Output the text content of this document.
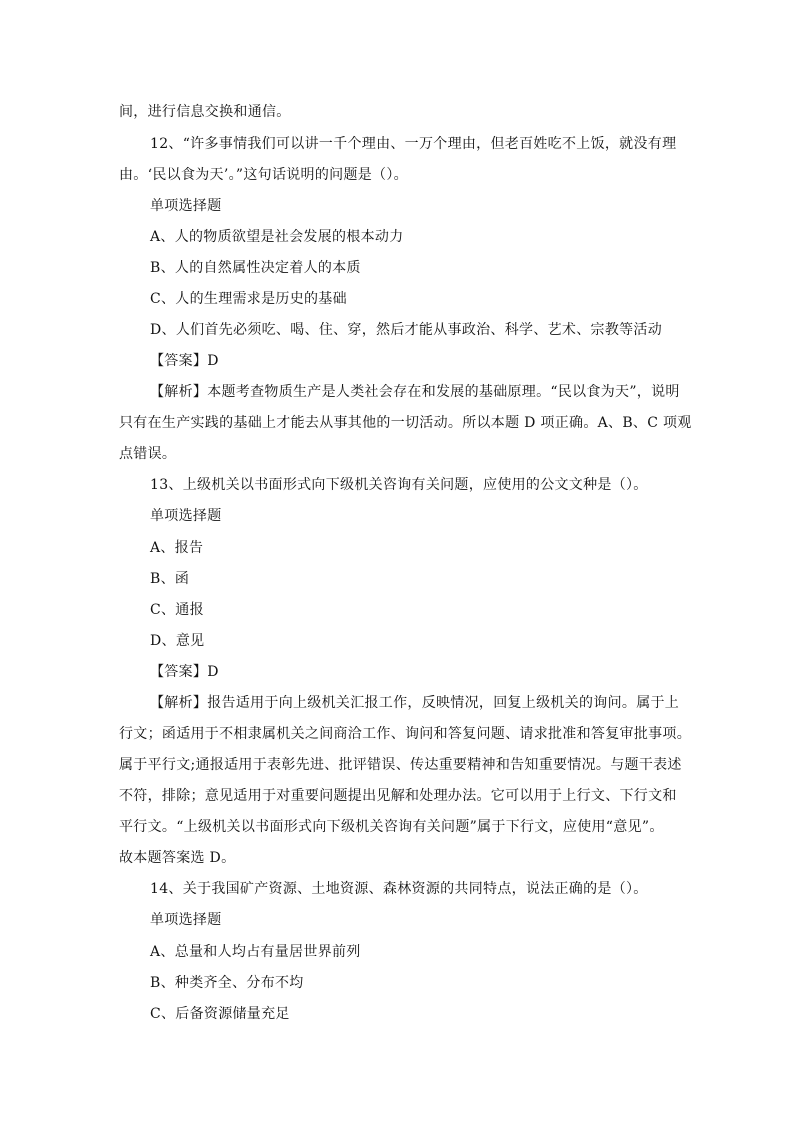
间，进行信息交换和通信。
12、“许多事情我们可以讲一千个理由、一万个理由，但老百姓吃不上饭，就没有理
由。‘民以食为天’。”这句话说明的问题是（）。
单项选择题
A、人的物质欲望是社会发展的根本动力
B、人的自然属性决定着人的本质
C、人的生理需求是历史的基础
D、人们首先必须吃、喝、住、穿，然后才能从事政治、科学、艺术、宗教等活动
【答案】D
【解析】本题考查物质生产是人类社会存在和发展的基础原理。“民以食为天”，说明
只有在生产实践的基础上才能去从事其他的一切活动。所以本题 D 项正确。A、B、C 项观
点错误。
13、上级机关以书面形式向下级机关咨询有关问题，应使用的公文文种是（）。
单项选择题
A、报告
B、函
C、通报
D、意见
【答案】D
【解析】报告适用于向上级机关汇报工作，反映情况，回复上级机关的询问。属于上
行文；函适用于不相隶属机关之间商洽工作、询问和答复问题、请求批准和答复审批事项。
属于平行文;通报适用于表彰先进、批评错误、传达重要精神和告知重要情况。与题干表述
不符，排除；意见适用于对重要问题提出见解和处理办法。它可以用于上行文、下行文和
平行文。“上级机关以书面形式向下级机关咨询有关问题”属于下行文，应使用“意见”。
故本题答案选 D。
14、关于我国矿产资源、土地资源、森林资源的共同特点，说法正确的是（）。
单项选择题
A、总量和人均占有量居世界前列
B、种类齐全、分布不均
C、后备资源储量充足
